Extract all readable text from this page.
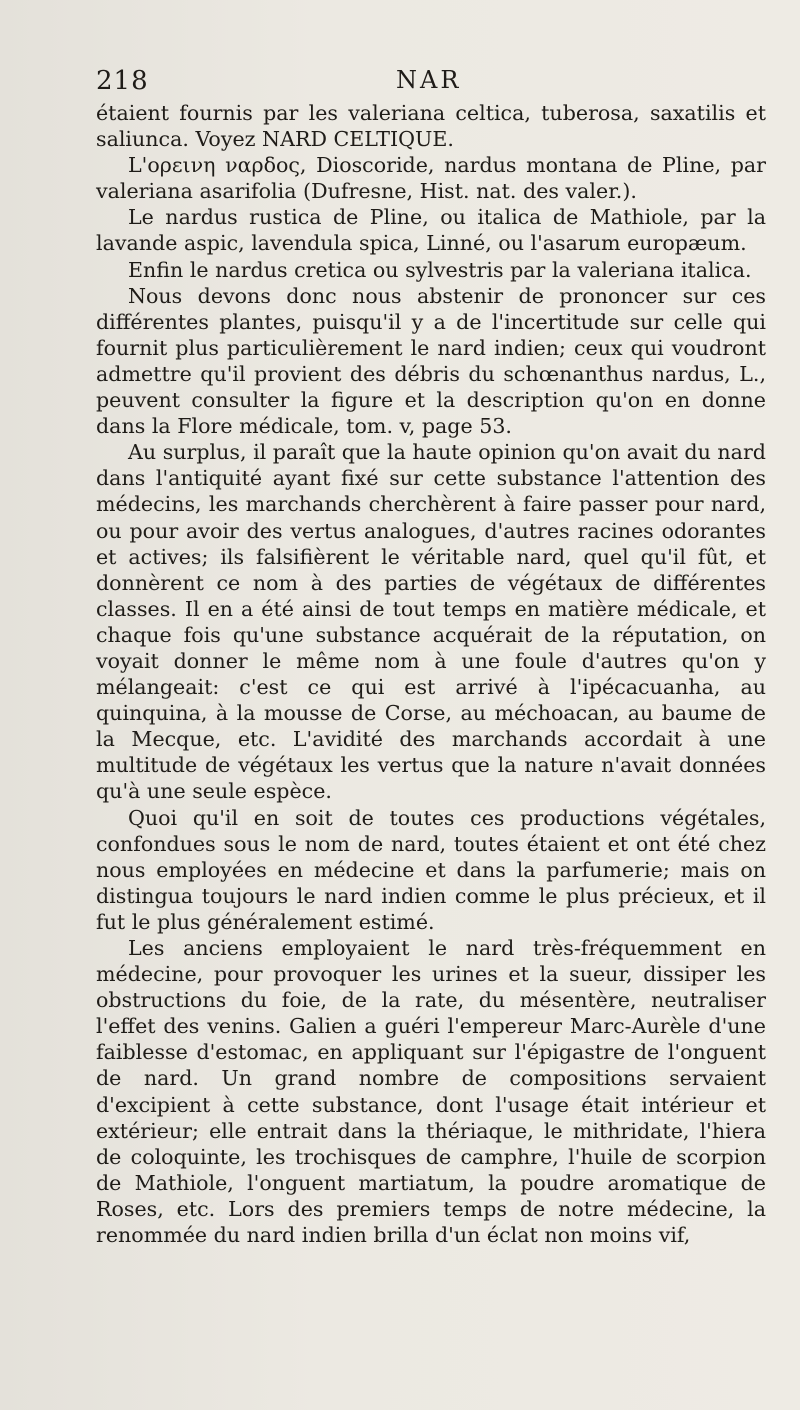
218	NAR

étaient fournis par les valeriana celtica, tuberosa, saxatilis et saliunca. Voyez NARD CELTIQUE.

L'ορεινη ναρδος, Dioscoride, nardus montana de Pline, par valeriana asarifolia (Dufresne, Hist. nat. des valer.).

Le nardus rustica de Pline, ou italica de Mathiole, par la lavande aspic, lavendula spica, Linné, ou l'asarum europæum.

Enfin le nardus cretica ou sylvestris par la valeriana italica.

Nous devons donc nous abstenir de prononcer sur ces différentes plantes, puisqu'il y a de l'incertitude sur celle qui fournit plus particulièrement le nard indien; ceux qui voudront admettre qu'il provient des débris du schœnanthus nardus, L., peuvent consulter la figure et la description qu'on en donne dans la Flore médicale, tom. v, page 53.

Au surplus, il paraît que la haute opinion qu'on avait du nard dans l'antiquité ayant fixé sur cette substance l'attention des médecins, les marchands cherchèrent à faire passer pour nard, ou pour avoir des vertus analogues, d'autres racines odorantes et actives; ils falsifièrent le véritable nard, quel qu'il fût, et donnèrent ce nom à des parties de végétaux de différentes classes. Il en a été ainsi de tout temps en matière médicale, et chaque fois qu'une substance acquérait de la réputation, on voyait donner le même nom à une foule d'autres qu'on y mélangeait: c'est ce qui est arrivé à l'ipécacuanha, au quinquina, à la mousse de Corse, au méchoacan, au baume de la Mecque, etc. L'avidité des marchands accordait à une multitude de végétaux les vertus que la nature n'avait données qu'à une seule espèce.

Quoi qu'il en soit de toutes ces productions végétales, confondues sous le nom de nard, toutes étaient et ont été chez nous employées en médecine et dans la parfumerie; mais on distingua toujours le nard indien comme le plus précieux, et il fut le plus généralement estimé.

Les anciens employaient le nard très-fréquemment en médecine, pour provoquer les urines et la sueur, dissiper les obstructions du foie, de la rate, du mésentère, neutraliser l'effet des venins. Galien a guéri l'empereur Marc-Aurèle d'une faiblesse d'estomac, en appliquant sur l'épigastre de l'onguent de nard. Un grand nombre de compositions servaient d'excipient à cette substance, dont l'usage était intérieur et extérieur; elle entrait dans la thériaque, le mithridate, l'hiera de coloquinte, les trochisques de camphre, l'huile de scorpion de Mathiole, l'onguent martiatum, la poudre aromatique de Roses, etc. Lors des premiers temps de notre médecine, la renommée du nard indien brilla d'un éclat non moins vif,
